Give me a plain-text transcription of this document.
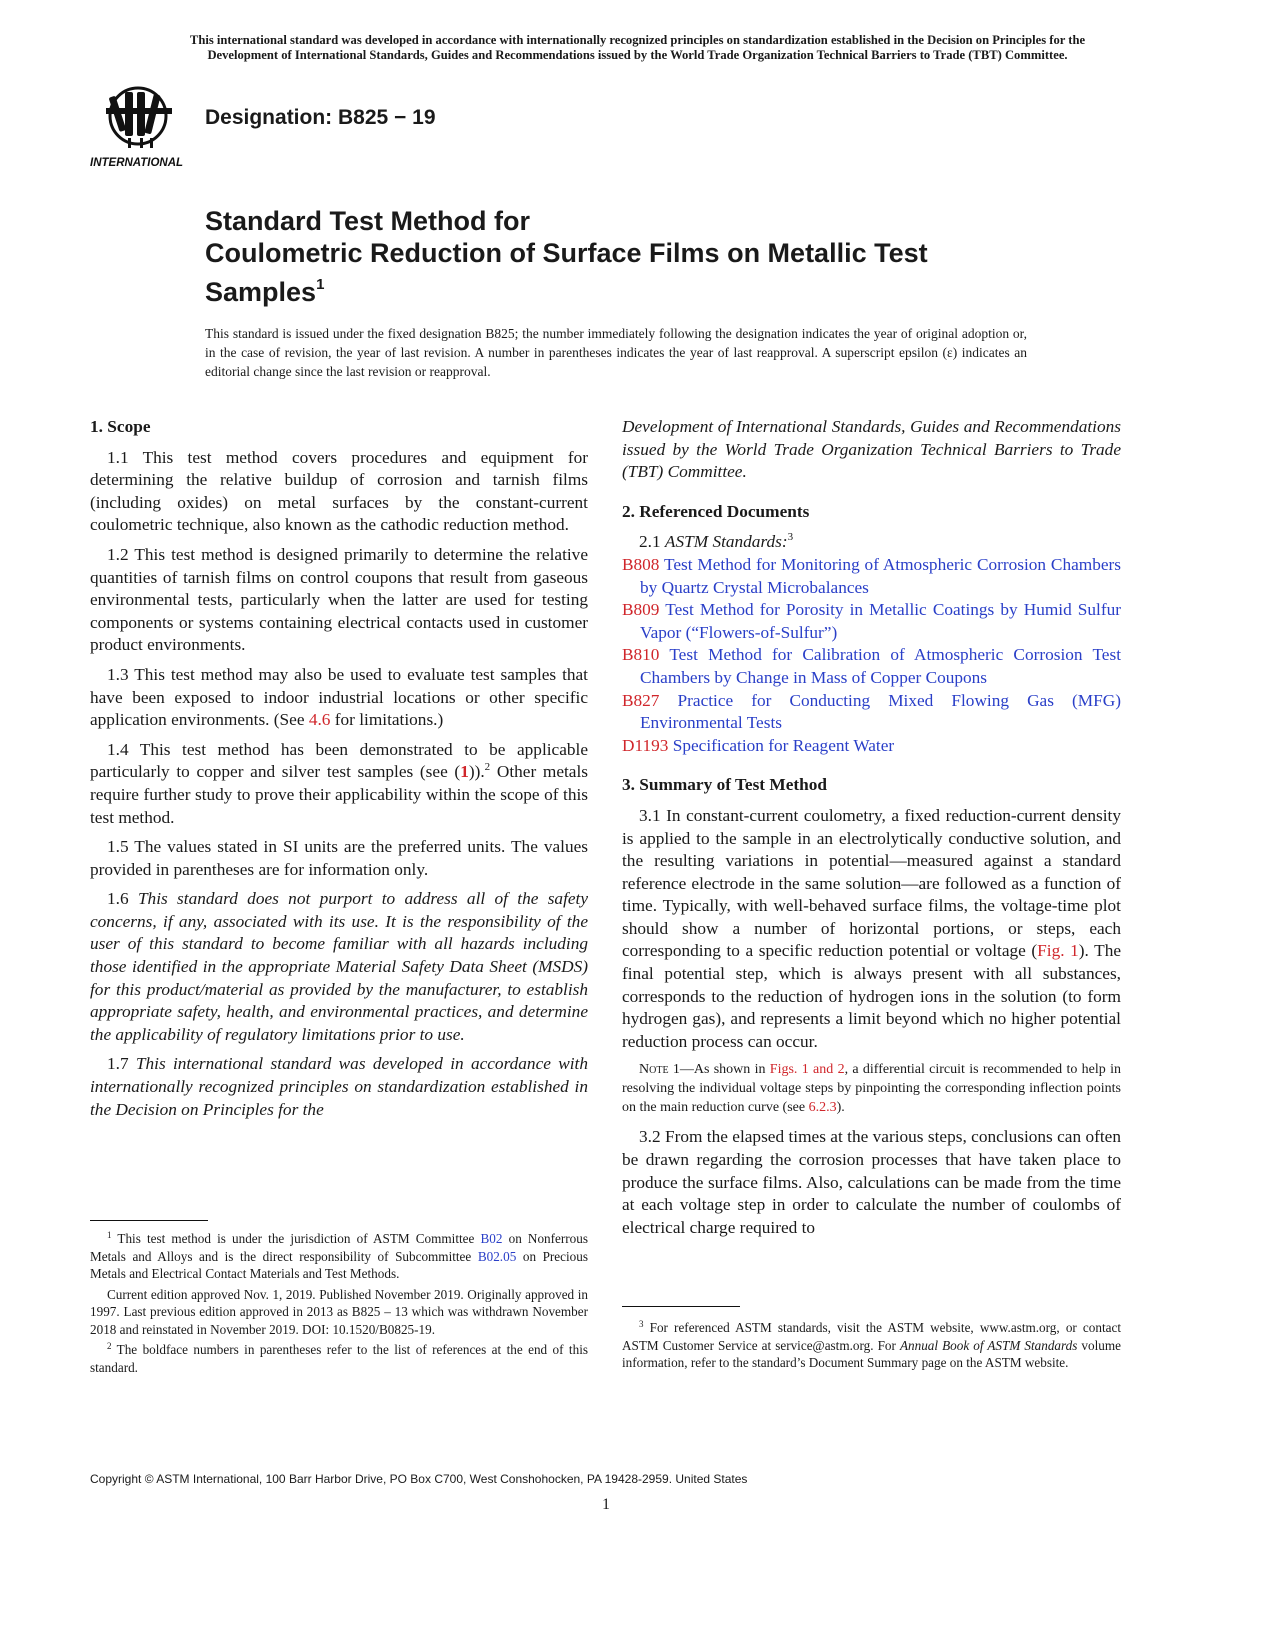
This international standard was developed in accordance with internationally recognized principles on standardization established in the Decision on Principles for the
Development of International Standards, Guides and Recommendations issued by the World Trade Organization Technical Barriers to Trade (TBT) Committee.
INTERNATIONAL
Designation: B825 − 19
Standard Test Method for
Coulometric Reduction of Surface Films on Metallic Test
Samples$^1$
This standard is issued under the fixed designation B825; the number immediately following the designation indicates the year of original adoption or, in the case of revision, the year of last revision. A number in parentheses indicates the year of last reapproval. A superscript epsilon (ε) indicates an editorial change since the last revision or reapproval.

1. Scope

1.1 This test method covers procedures and equipment for determining the relative buildup of corrosion and tarnish films (including oxides) on metal surfaces by the constant-current coulometric technique, also known as the cathodic reduction method.

1.2 This test method is designed primarily to determine the relative quantities of tarnish films on control coupons that result from gaseous environmental tests, particularly when the latter are used for testing components or systems containing electrical contacts used in customer product environments.

1.3 This test method may also be used to evaluate test samples that have been exposed to indoor industrial locations or other specific application environments. (See 4.6 for limitations.)

1.4 This test method has been demonstrated to be applicable particularly to copper and silver test samples (see (1)).$^2$ Other metals require further study to prove their applicability within the scope of this test method.

1.5 The values stated in SI units are the preferred units. The values provided in parentheses are for information only.

1.6 This standard does not purport to address all of the safety concerns, if any, associated with its use. It is the responsibility of the user of this standard to become familiar with all hazards including those identified in the appropriate Material Safety Data Sheet (MSDS) for this product/material as provided by the manufacturer, to establish appropriate safety, health, and environmental practices, and determine the applicability of regulatory limitations prior to use.

1.7 This international standard was developed in accordance with internationally recognized principles on standardization established in the Decision on Principles for the

$^1$ This test method is under the jurisdiction of ASTM Committee B02 on Nonferrous Metals and Alloys and is the direct responsibility of Subcommittee B02.05 on Precious Metals and Electrical Contact Materials and Test Methods.

Current edition approved Nov. 1, 2019. Published November 2019. Originally approved in 1997. Last previous edition approved in 2013 as B825 – 13 which was withdrawn November 2018 and reinstated in November 2019. DOI: 10.1520/B0825-19.

$^2$ The boldface numbers in parentheses refer to the list of references at the end of this standard.

Development of International Standards, Guides and Recommendations issued by the World Trade Organization Technical Barriers to Trade (TBT) Committee.

2. Referenced Documents

2.1 ASTM Standards:$^3$

B808 Test Method for Monitoring of Atmospheric Corrosion Chambers by Quartz Crystal Microbalances

B809 Test Method for Porosity in Metallic Coatings by Humid Sulfur Vapor (“Flowers-of-Sulfur”)

B810 Test Method for Calibration of Atmospheric Corrosion Test Chambers by Change in Mass of Copper Coupons

B827 Practice for Conducting Mixed Flowing Gas (MFG) Environmental Tests

D1193 Specification for Reagent Water

3. Summary of Test Method

3.1 In constant-current coulometry, a fixed reduction-current density is applied to the sample in an electrolytically conductive solution, and the resulting variations in potential—measured against a standard reference electrode in the same solution—are followed as a function of time. Typically, with well-behaved surface films, the voltage-time plot should show a number of horizontal portions, or steps, each corresponding to a specific reduction potential or voltage (Fig. 1). The final potential step, which is always present with all substances, corresponds to the reduction of hydrogen ions in the solution (to form hydrogen gas), and represents a limit beyond which no higher potential reduction process can occur.

Note 1—As shown in Figs. 1 and 2, a differential circuit is recommended to help in resolving the individual voltage steps by pinpointing the corresponding inflection points on the main reduction curve (see 6.2.3).

3.2 From the elapsed times at the various steps, conclusions can often be drawn regarding the corrosion processes that have taken place to produce the surface films. Also, calculations can be made from the time at each voltage step in order to calculate the number of coulombs of electrical charge required to

$^3$ For referenced ASTM standards, visit the ASTM website, www.astm.org, or contact ASTM Customer Service at service@astm.org. For Annual Book of ASTM Standards volume information, refer to the standard’s Document Summary page on the ASTM website.

Copyright © ASTM International, 100 Barr Harbor Drive, PO Box C700, West Conshohocken, PA 19428-2959. United States
1
